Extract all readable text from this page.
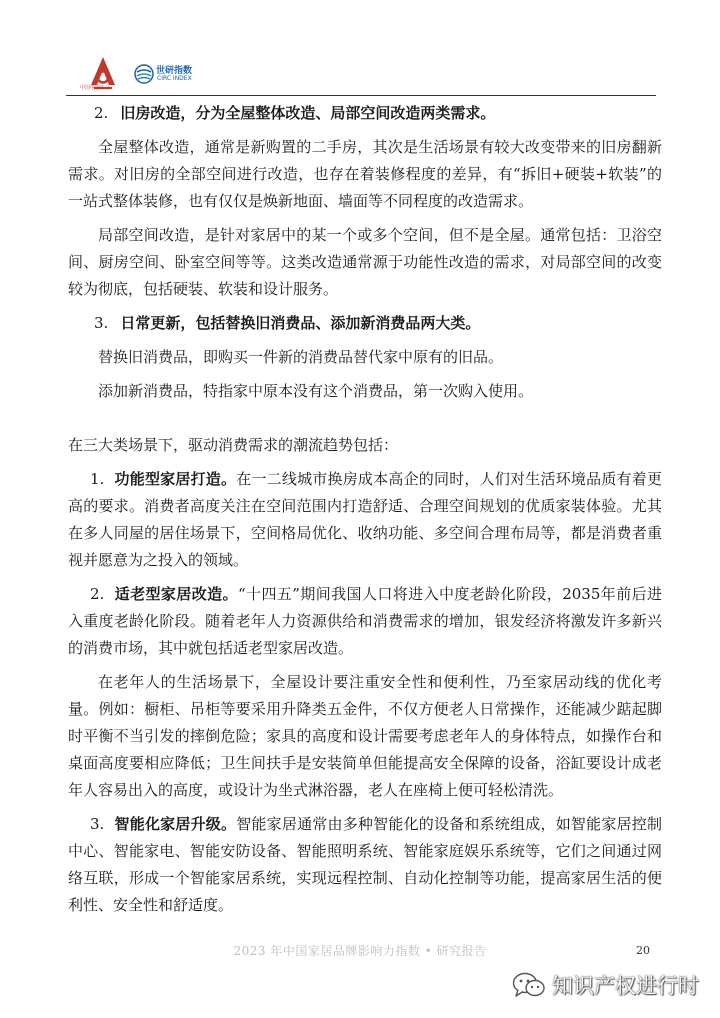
中国电器协会
世研指数
CIRC INDEX
2. 旧房改造，分为全屋整体改造、局部空间改造两类需求。

全屋整体改造，通常是新购置的二手房，其次是生活场景有较大改变带来的旧房翻新需求。对旧房的全部空间进行改造，也存在着装修程度的差异，有“拆旧+硬装+软装”的一站式整体装修，也有仅仅是焕新地面、墙面等不同程度的改造需求。

局部空间改造，是针对家居中的某一个或多个空间，但不是全屋。通常包括：卫浴空间、厨房空间、卧室空间等等。这类改造通常源于功能性改造的需求，对局部空间的改变较为彻底，包括硬装、软装和设计服务。

3. 日常更新，包括替换旧消费品、添加新消费品两大类。

替换旧消费品，即购买一件新的消费品替代家中原有的旧品。

添加新消费品，特指家中原本没有这个消费品，第一次购入使用。

在三大类场景下，驱动消费需求的潮流趋势包括：

1. 功能型家居打造。在一二线城市换房成本高企的同时，人们对生活环境品质有着更高的要求。消费者高度关注在空间范围内打造舒适、合理空间规划的优质家装体验。尤其在多人同屋的居住场景下，空间格局优化、收纳功能、多空间合理布局等，都是消费者重视并愿意为之投入的领域。

2. 适老型家居改造。“十四五”期间我国人口将进入中度老龄化阶段，2035年前后进入重度老龄化阶段。随着老年人力资源供给和消费需求的增加，银发经济将激发许多新兴的消费市场，其中就包括适老型家居改造。

在老年人的生活场景下，全屋设计要注重安全性和便利性，乃至家居动线的优化考量。例如：橱柜、吊柜等要采用升降类五金件，不仅方便老人日常操作，还能减少踮起脚时平衡不当引发的摔倒危险；家具的高度和设计需要考虑老年人的身体特点，如操作台和桌面高度要相应降低；卫生间扶手是安装简单但能提高安全保障的设备，浴缸要设计成老年人容易出入的高度，或设计为坐式淋浴器，老人在座椅上便可轻松清洗。

3. 智能化家居升级。智能家居通常由多种智能化的设备和系统组成，如智能家居控制中心、智能家电、智能安防设备、智能照明系统、智能家庭娱乐系统等，它们之间通过网络互联，形成一个智能家居系统，实现远程控制、自动化控制等功能，提高家居生活的便利性、安全性和舒适度。

2023 年中国家居品牌影响力指数 • 研究报告	20
知识产权进行时
